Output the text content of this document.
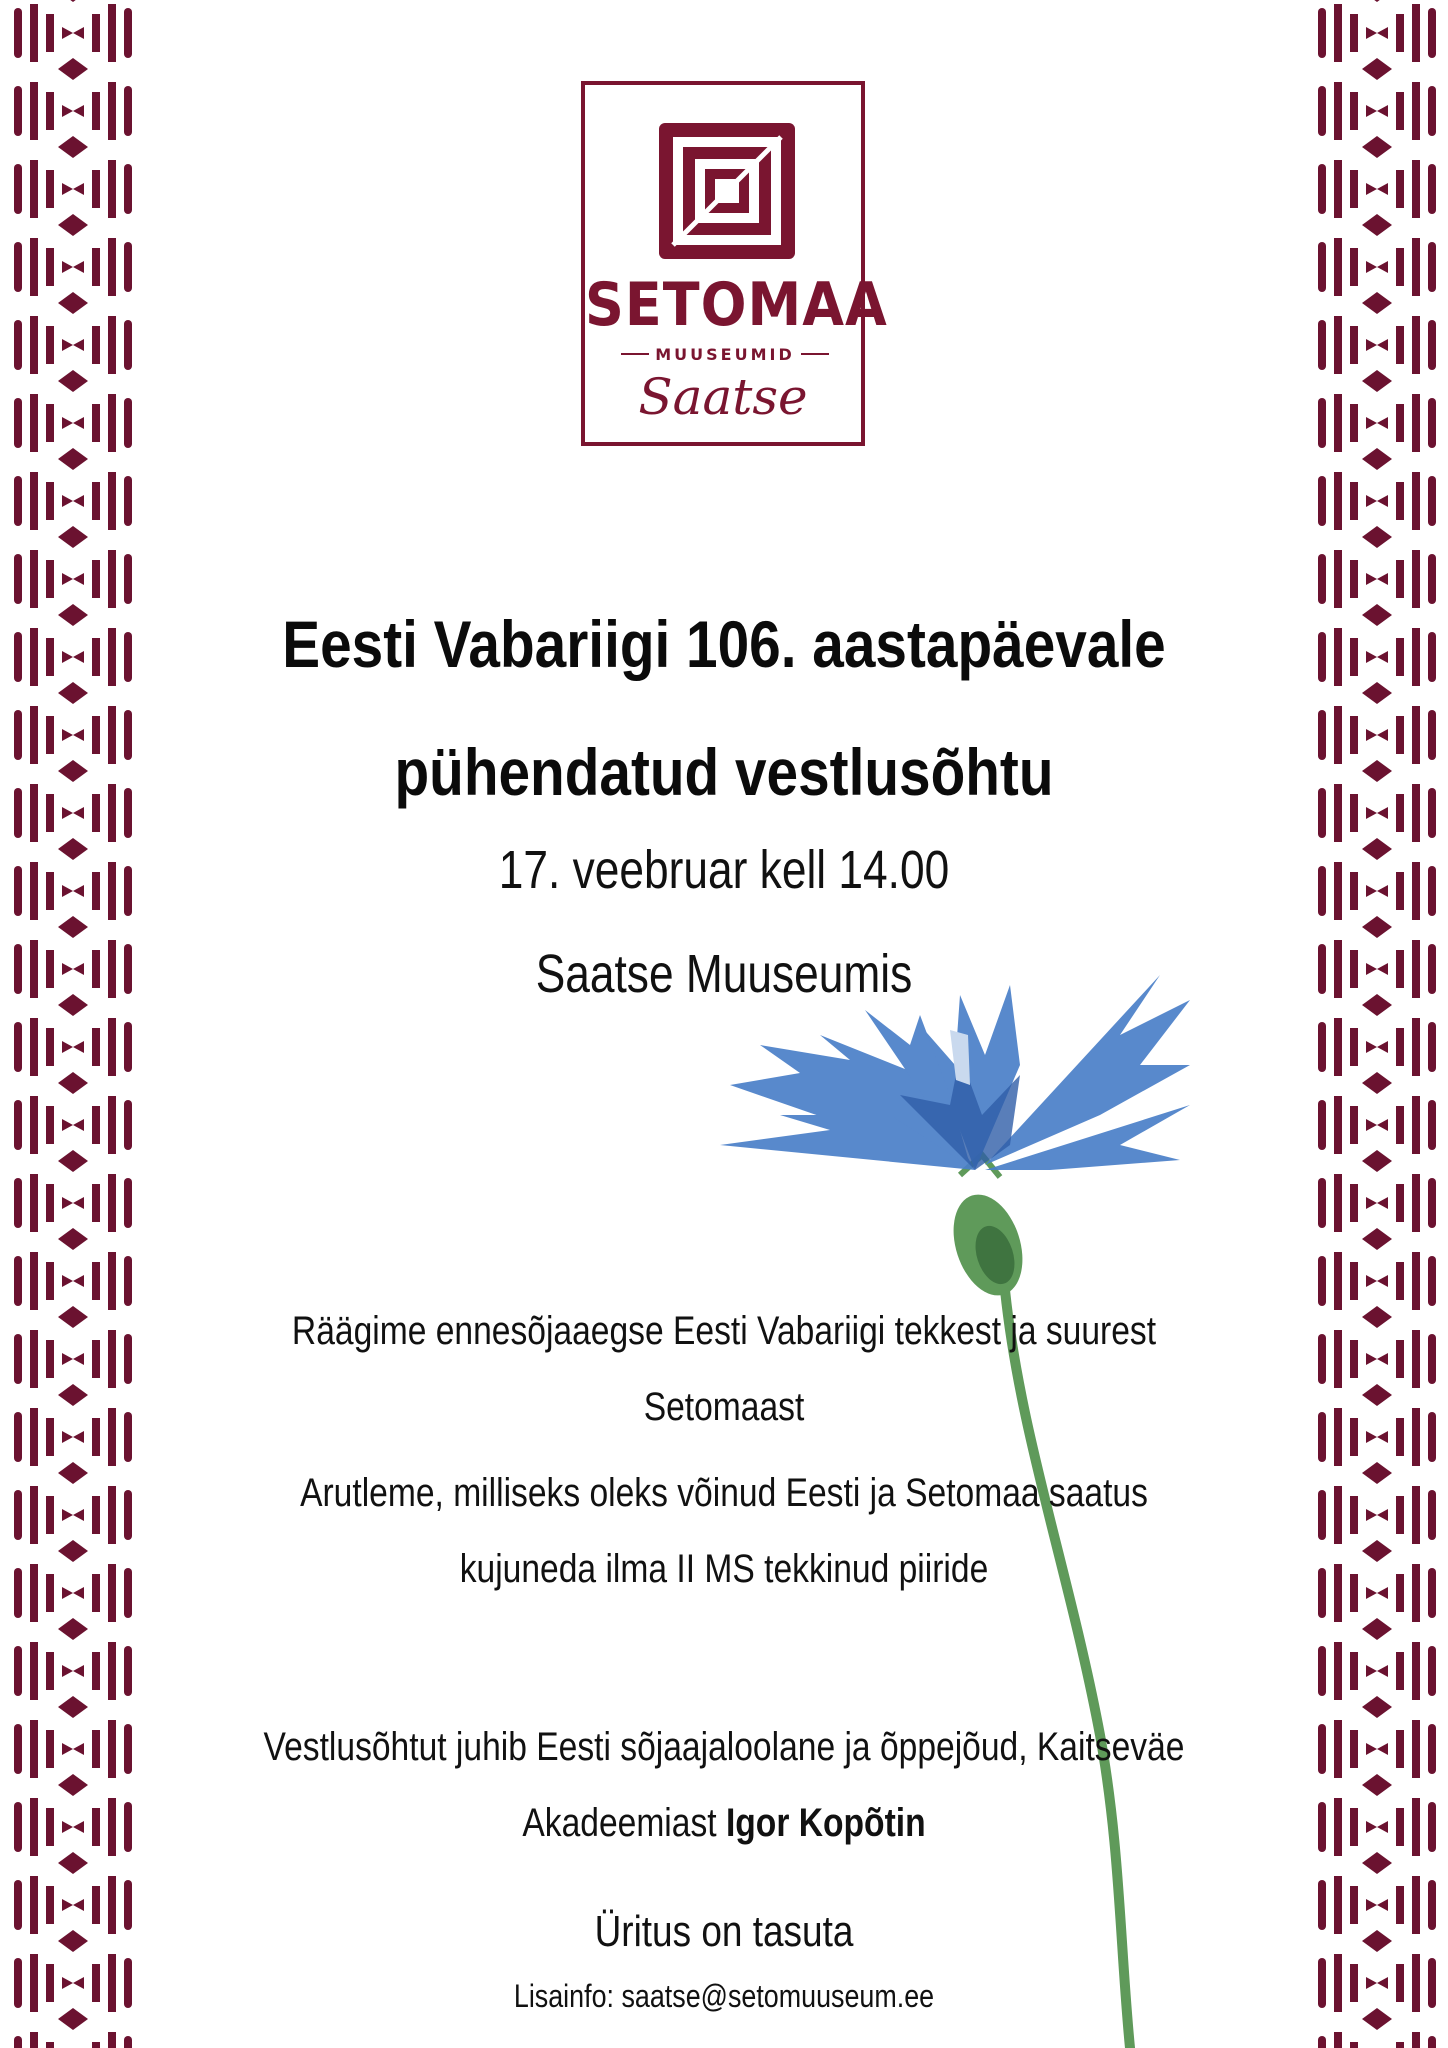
SETOMAA
MUUSEUMID
Saatse
Eesti Vabariigi 106. aastapäevale
pühendatud vestlusõhtu
17. veebruar kell 14.00
Saatse Muuseumis
Räägime ennesõjaaegse Eesti Vabariigi tekkest ja suurest
Setomaast
Arutleme, milliseks oleks võinud Eesti ja Setomaa saatus
kujuneda ilma II MS tekkinud piiride
Vestlusõhtut juhib Eesti sõjaajaloolane ja õppejõud, Kaitseväe
Akadeemiast Igor Kopõtin
Üritus on tasuta
Lisainfo: saatse@setomuuseum.ee
